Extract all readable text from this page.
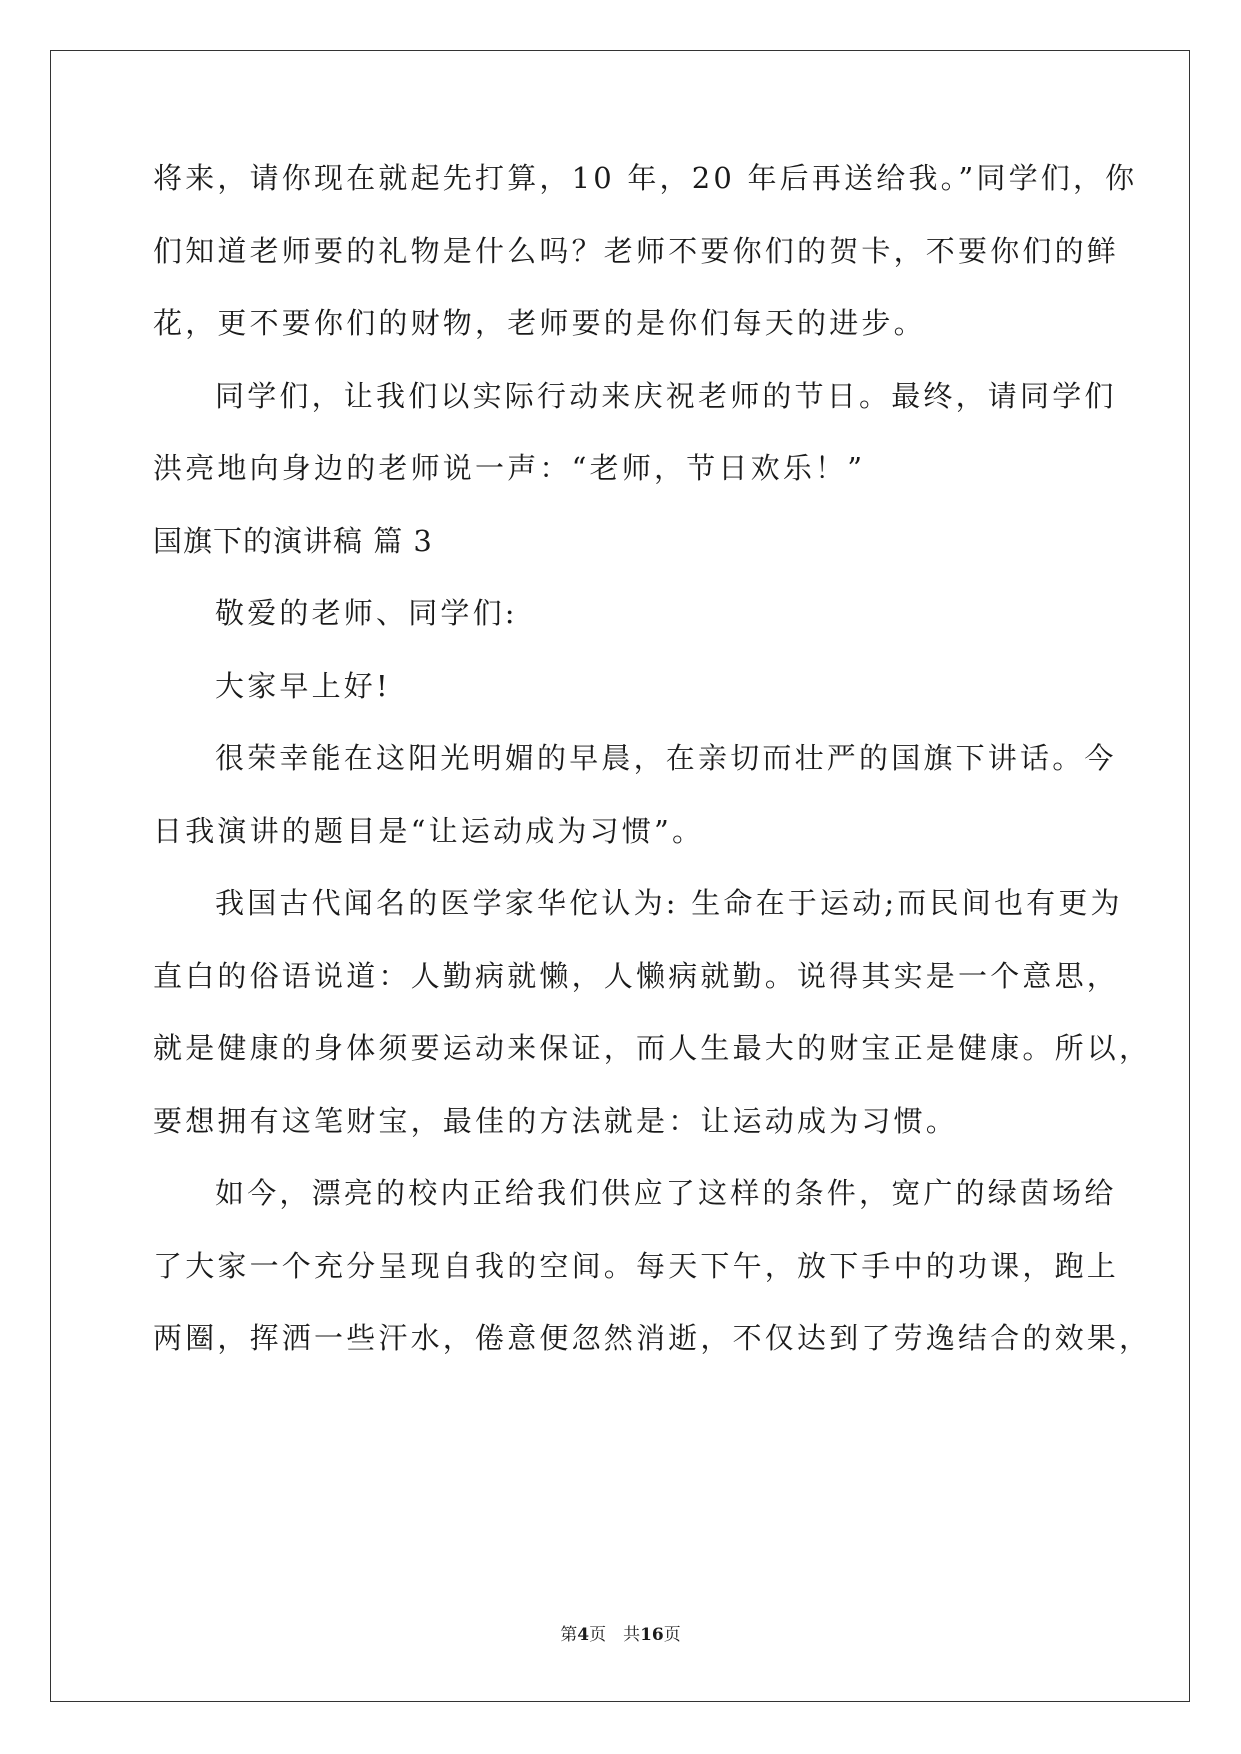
将来，请你现在就起先打算，10 年，20 年后再送给我。”同学们，你
们知道老师要的礼物是什么吗？老师不要你们的贺卡，不要你们的鲜
花，更不要你们的财物，老师要的是你们每天的进步。
同学们，让我们以实际行动来庆祝老师的节日。最终，请同学们
洪亮地向身边的老师说一声：“老师，节日欢乐！”
国旗下的演讲稿 篇 3
敬爱的老师、同学们:
大家早上好!
很荣幸能在这阳光明媚的早晨，在亲切而壮严的国旗下讲话。今
日我演讲的题目是“让运动成为习惯”。
我国古代闻名的医学家华佗认为: 生命在于运动;而民间也有更为
直白的俗语说道：人勤病就懒，人懒病就勤。说得其实是一个意思，
就是健康的身体须要运动来保证，而人生最大的财宝正是健康。所以，
要想拥有这笔财宝，最佳的方法就是：让运动成为习惯。
如今，漂亮的校内正给我们供应了这样的条件，宽广的绿茵场给
了大家一个充分呈现自我的空间。每天下午，放下手中的功课，跑上
两圈，挥洒一些汗水，倦意便忽然消逝，不仅达到了劳逸结合的效果，
第4页　共16页
